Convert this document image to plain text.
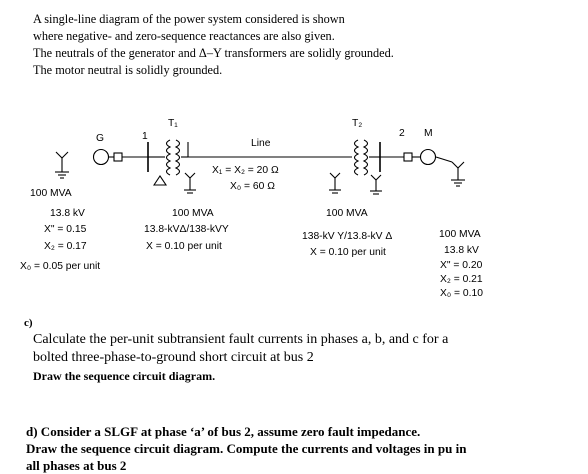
A single-line diagram of the power system considered is shown
where negative- and zero-sequence reactances are also given.
The neutrals of the generator and Δ–Y transformers are solidly grounded.
The motor neutral is solidly grounded.
G	1
T₁
Line
T₂
2 M
X₁ = X₂ = 20 Ω
X₀ = 60 Ω
100 MVA
13.8 kV
X" = 0.15
X₂ = 0.17
X₀ = 0.05 per unit
100 MVA
13.8-kVΔ/138-kVY
X = 0.10 per unit
100 MVA
138-kV Y/13.8-kV Δ
X = 0.10 per unit
100 MVA
13.8 kV
X" = 0.20
X₂ = 0.21
X₀ = 0.10
c)
Calculate the per-unit subtransient fault currents in phases a, b, and c for a
bolted three-phase-to-ground short circuit at bus 2
Draw the sequence circuit diagram.
d) Consider a SLGF at phase ‘a’ of bus 2, assume zero fault impedance.
Draw the sequence circuit diagram. Compute the currents and voltages in pu in
all phases at bus 2
